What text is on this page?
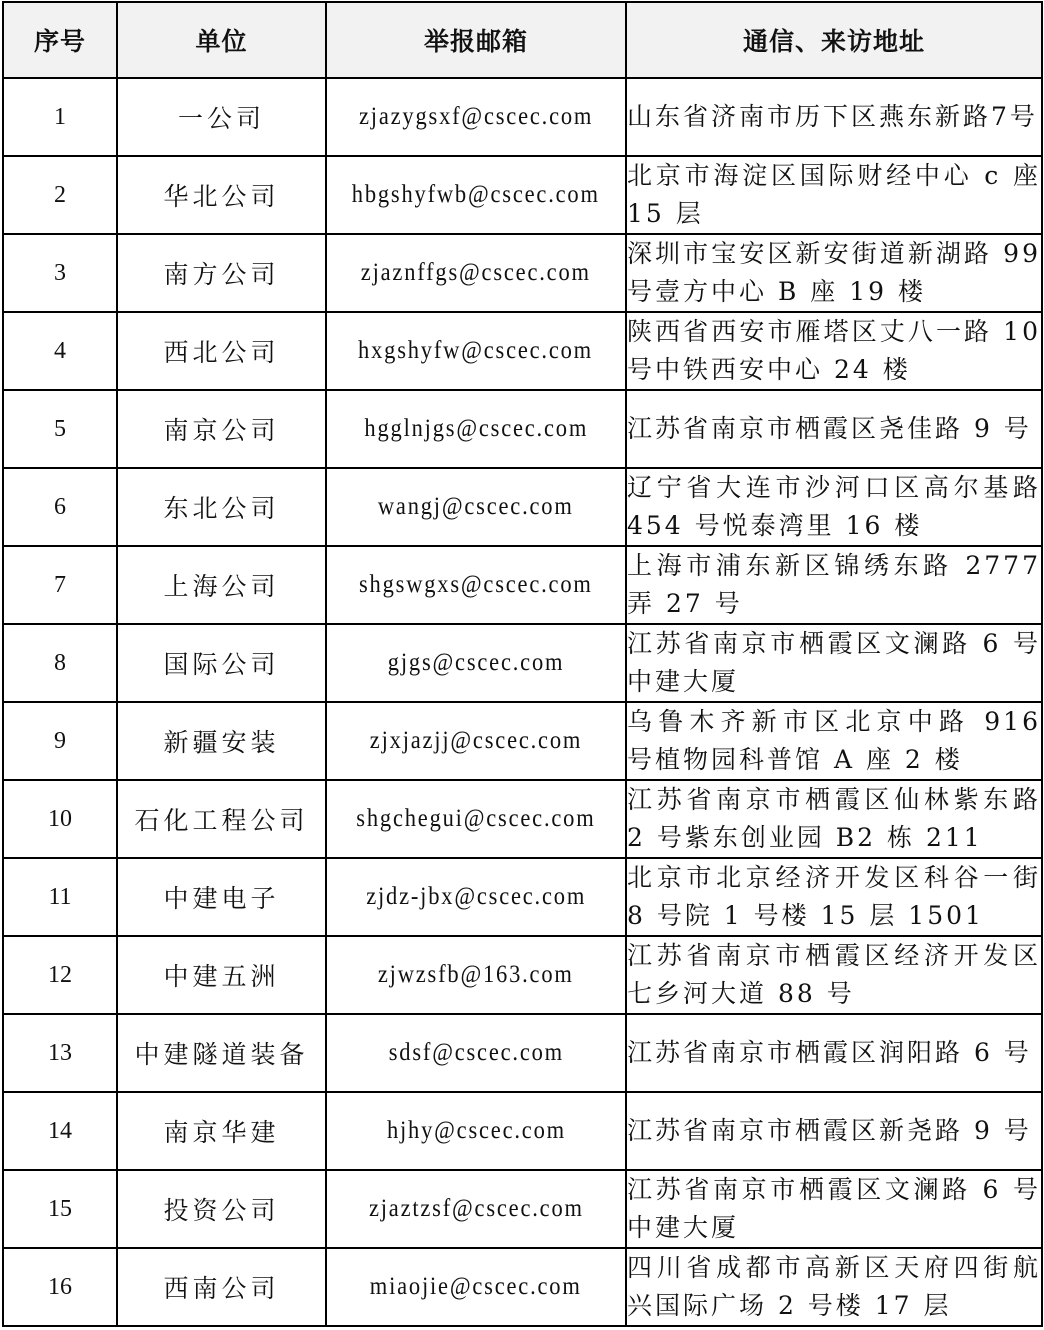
序号	单位	举报邮箱	通信、来访地址
1	一公司	zjazygsxf@cscec.com	山东省济南市历下区燕东新路7号
2	华北公司	hbgshyfwb@cscec.com	北京市海淀区国际财经中心 c 座 15 层
3	南方公司	zjaznffgs@cscec.com	深圳市宝安区新安街道新湖路 99 号壹方中心 B 座 19 楼
4	西北公司	hxgshyfw@cscec.com	陕西省西安市雁塔区丈八一路 10 号中铁西安中心 24 楼
5	南京公司	hgglnjgs@cscec.com	江苏省南京市栖霞区尧佳路 9 号
6	东北公司	wangj@cscec.com	辽宁省大连市沙河口区高尔基路 454 号悦泰湾里 16 楼
7	上海公司	shgswgxs@cscec.com	上海市浦东新区锦绣东路 2777 弄 27 号
8	国际公司	gjgs@cscec.com	江苏省南京市栖霞区文澜路 6 号中建大厦
9	新疆安装	zjxjazjj@cscec.com	乌鲁木齐新市区北京中路 916 号植物园科普馆 A 座 2 楼
10	石化工程公司	shgchegui@cscec.com	江苏省南京市栖霞区仙林紫东路 2 号紫东创业园 B2 栋 211
11	中建电子	zjdz-jbx@cscec.com	北京市北京经济开发区科谷一街 8 号院 1 号楼 15 层 1501
12	中建五洲	zjwzsfb@163.com	江苏省南京市栖霞区经济开发区七乡河大道 88 号
13	中建隧道装备	sdsf@cscec.com	江苏省南京市栖霞区润阳路 6 号
14	南京华建	hjhy@cscec.com	江苏省南京市栖霞区新尧路 9 号
15	投资公司	zjaztzsf@cscec.com	江苏省南京市栖霞区文澜路 6 号中建大厦
16	西南公司	miaojie@cscec.com	四川省成都市高新区天府四街航兴国际广场 2 号楼 17 层
